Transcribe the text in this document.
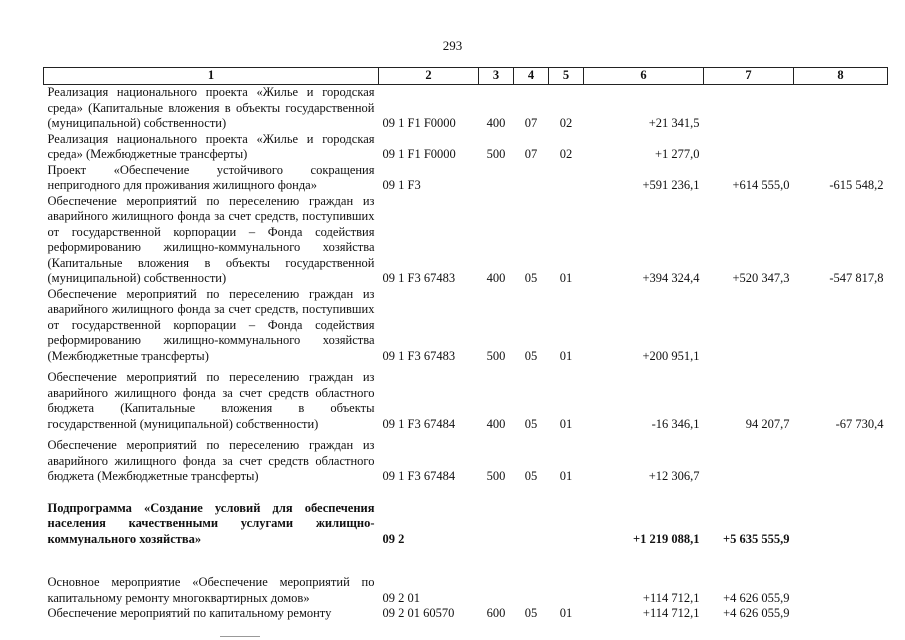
293
1	2	3	4	5	6	7	8
Реализация национального проекта «Жилье и городская среда» (Капитальные вложения в объекты государственной (муниципальной) собственности)	09 1 F1 F0000	400	07	02	+21 341,5		
Реализация национального проекта «Жилье и городская среда» (Межбюджетные трансферты)	09 1 F1 F0000	500	07	02	+1 277,0		
Проект «Обеспечение устойчивого сокращения непригодного для проживания жилищного фонда»	09 1 F3				+591 236,1	+614 555,0	-615 548,2
Обеспечение мероприятий по переселению граждан из аварийного жилищного фонда за счет средств, поступивших от государственной корпорации – Фонда содействия реформированию жилищно-коммунального хозяйства (Капитальные вложения в объекты государственной (муниципальной) собственности)	09 1 F3 67483	400	05	01	+394 324,4	+520 347,3	-547 817,8
Обеспечение мероприятий по переселению граждан из аварийного жилищного фонда за счет средств, поступивших от государственной корпорации – Фонда содействия реформированию жилищно-коммунального хозяйства (Межбюджетные трансферты)	09 1 F3 67483	500	05	01	+200 951,1		
Обеспечение мероприятий по переселению граждан из аварийного жилищного фонда за счет средств областного бюджета (Капитальные вложения в объекты государственной (муниципальной) собственности)	09 1 F3 67484	400	05	01	-16 346,1	94 207,7	-67 730,4
Обеспечение мероприятий по переселению граждан из аварийного жилищного фонда за счет средств областного бюджета (Межбюджетные трансферты)	09 1 F3 67484	500	05	01	+12 306,7		
Подпрограмма «Создание условий для обеспечения населения качественными услугами жилищно-коммунального хозяйства»	09 2				+1 219 088,1	+5 635 555,9	
Основное мероприятие «Обеспечение мероприятий по капитальному ремонту многоквартирных домов»	09 2 01				+114 712,1	+4 626 055,9	
Обеспечение мероприятий по капитальному ремонту	09 2 01 60570	600	05	01	+114 712,1	+4 626 055,9	
